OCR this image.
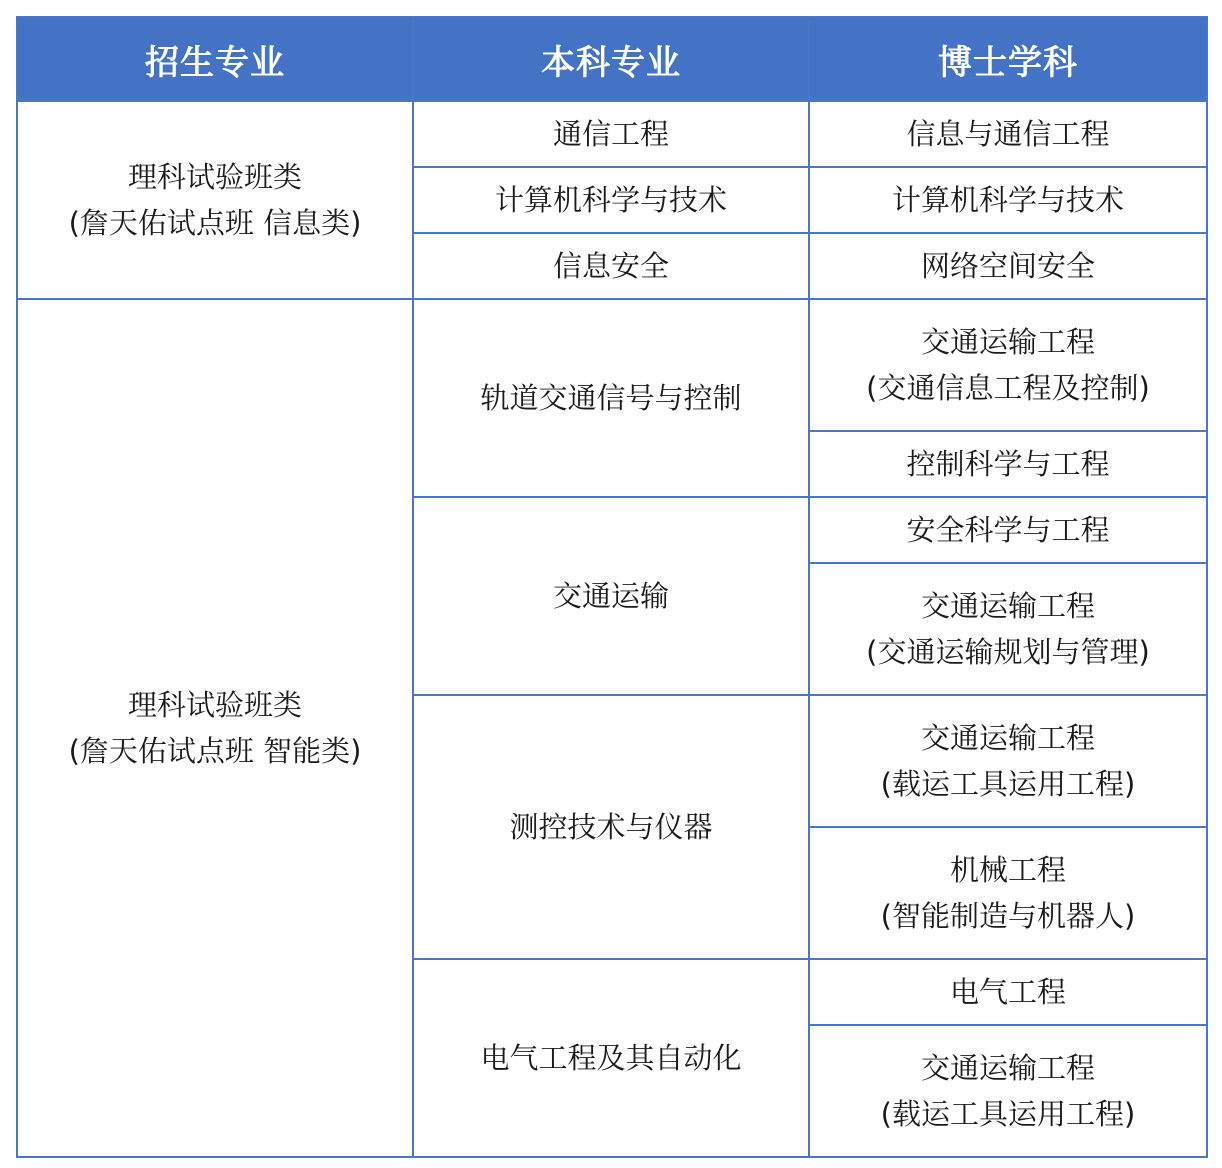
招生专业	本科专业	博士学科

理科试验班类
(詹天佑试点班 信息类)	通信工程	信息与通信工程

	计算机科学与技术	计算机科学与技术

	信息安全	网络空间安全

理科试验班类
(詹天佑试点班 智能类)	轨道交通信号与控制	交通运输工程
(交通信息工程及控制)

		控制科学与工程

	交通运输	安全科学与工程

		交通运输工程
(交通运输规划与管理)

	测控技术与仪器	交通运输工程
(载运工具运用工程)

		机械工程
(智能制造与机器人)

	电气工程及其自动化	电气工程

		交通运输工程
(载运工具运用工程)
